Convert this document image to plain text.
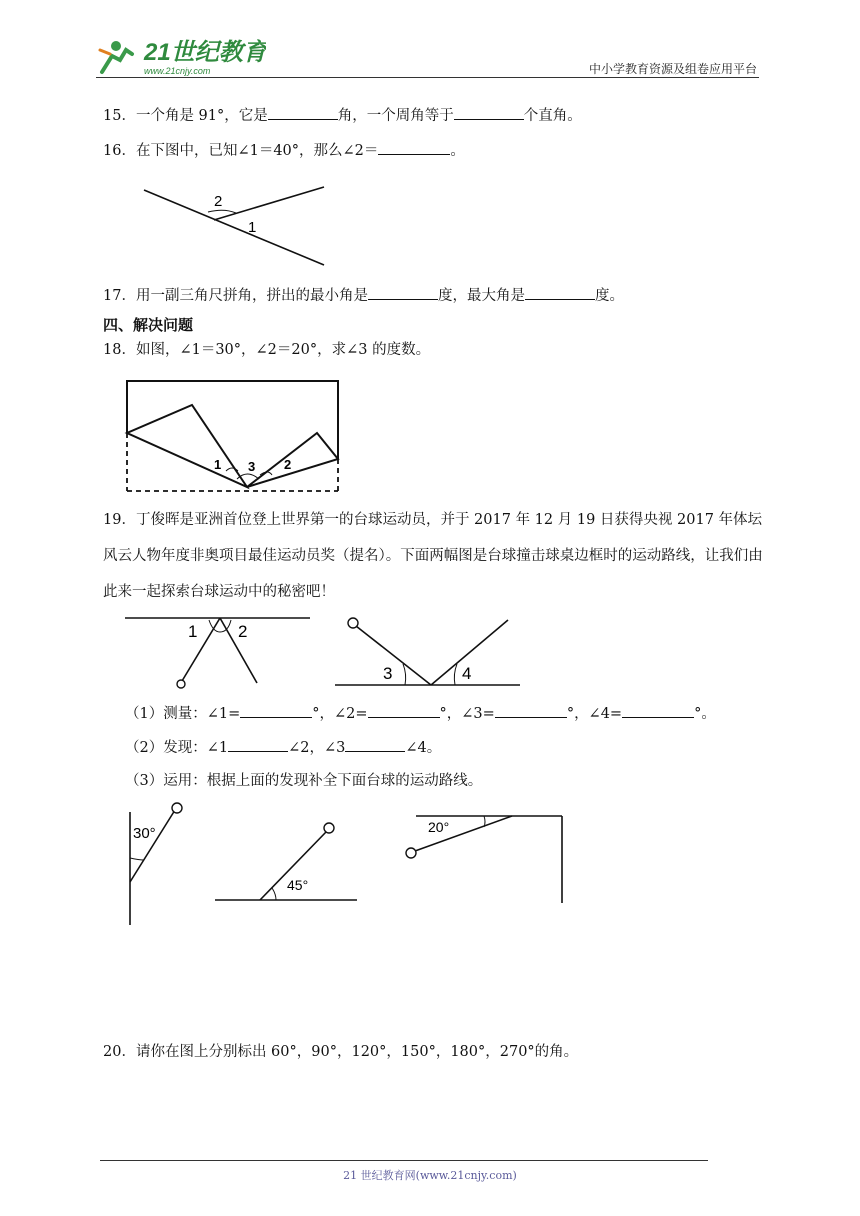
21世纪教育
www.21cnjy.com	中小学教育资源及组卷应用平台
15．一个角是 91°，它是	角，一个周角等于	个直角。
16．在下图中，已知∠1＝40°，那么∠2＝	。
2
1
17．用一副三角尺拼角，拼出的最小角是	度，最大角是	度。
四、解决问题
18．如图，∠1＝30°，∠2＝20°，求∠3 的度数。
1 3 2
19．丁俊晖是亚洲首位登上世界第一的台球运动员，并于 2017 年 12 月 19 日获得央视 2017 年体坛风云人物年度非奥项目最佳运动员奖（提名）。下面两幅图是台球撞击球桌边框时的运动路线，让我们由此来一起探索台球运动中的秘密吧！
1 2
3	4
（1）测量：∠1=	°，∠2=	°，∠3=	°，∠4=	°。
（2）发现：∠1	∠2，∠3	∠4。
（3）运用：根据上面的发现补全下面台球的运动路线。
30°
45°
20°
20．请你在图上分别标出 60°，90°，120°，150°，180°，270°的角。
21 世纪教育网(www.21cnjy.com)
